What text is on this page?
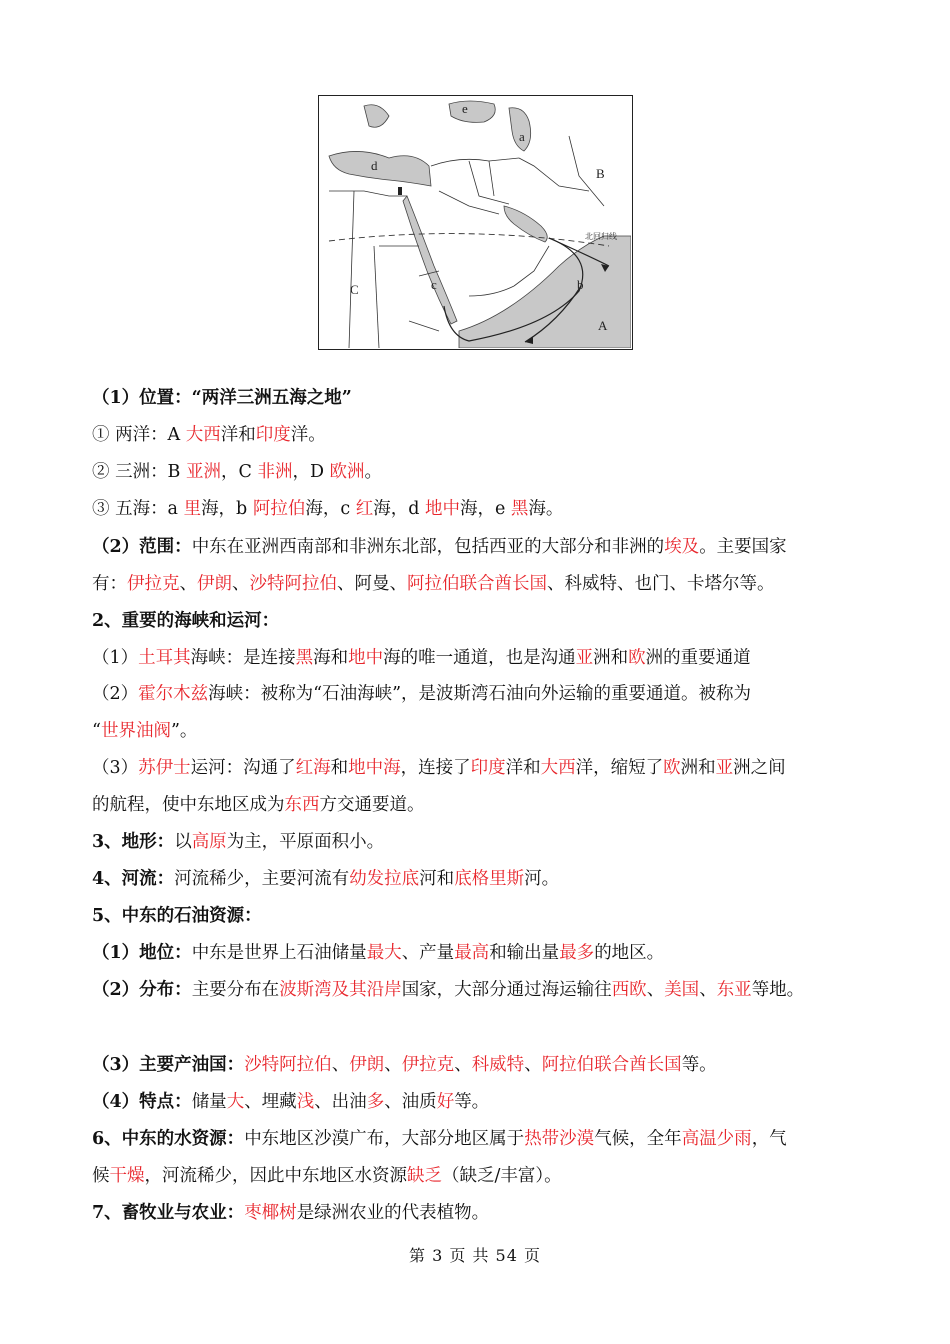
a
b
c
d
e
A
B
C
北回归线
（1）位置：“两洋三洲五海之地”
① 两洋：A 大西洋和印度洋。
② 三洲：B 亚洲，C 非洲，D 欧洲。
③ 五海：a 里海，b 阿拉伯海，c 红海，d 地中海，e 黑海。
（2）范围：中东在亚洲西南部和非洲东北部，包括西亚的大部分和非洲的埃及。主要国家
有：伊拉克、伊朗、沙特阿拉伯、阿曼、阿拉伯联合酋长国、科威特、也门、卡塔尔等。
2、重要的海峡和运河：
（1）土耳其海峡：是连接黑海和地中海的唯一通道，也是沟通亚洲和欧洲的重要通道
（2）霍尔木兹海峡：被称为“石油海峡”，是波斯湾石油向外运输的重要通道。被称为
“世界油阀”。
（3）苏伊士运河：沟通了红海和地中海，连接了印度洋和大西洋，缩短了欧洲和亚洲之间
的航程，使中东地区成为东西方交通要道。
3、地形：以高原为主，平原面积小。
4、河流：河流稀少，主要河流有幼发拉底河和底格里斯河。
5、中东的石油资源：
（1）地位：中东是世界上石油储量最大、产量最高和输出量最多的地区。
（2）分布：主要分布在波斯湾及其沿岸国家，大部分通过海运输往西欧、美国、东亚等地。
（3）主要产油国：沙特阿拉伯、伊朗、伊拉克、科威特、阿拉伯联合酋长国等。
（4）特点：储量大、埋藏浅、出油多、油质好等。
6、中东的水资源：中东地区沙漠广布，大部分地区属于热带沙漠气候，全年高温少雨，气
候干燥，河流稀少，因此中东地区水资源缺乏（缺乏/丰富）。
7、畜牧业与农业：枣椰树是绿洲农业的代表植物。
第 3 页 共 54 页
